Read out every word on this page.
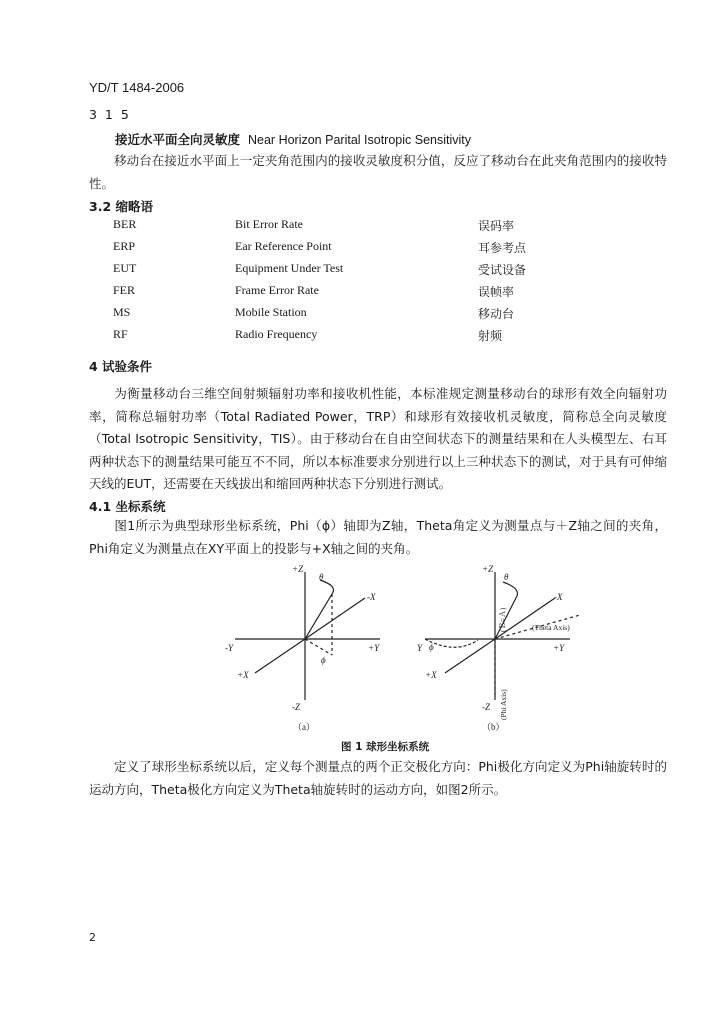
YD/T 1484-2006
3 1 5
接近水平面全向灵敏度 Near Horizon Parital Isotropic Sensitivity
移动台在接近水平面上一定夹角范围内的接收灵敏度积分值，反应了移动台在此夹角范围内的接收特性。
3.2 缩略语
BER	Bit Error Rate	误码率
ERP	Ear Reference Point	耳参考点
EUT	Equipment Under Test	受试设备
FER	Frame Error Rate	误帧率
MS	Mobile Station	移动台
RF	Radio Frequency	射频
4 试验条件
为衡量移动台三维空间射频辐射功率和接收机性能，本标准规定测量移动台的球形有效全向辐射功率，简称总辐射功率（Total Radiated Power，TRP）和球形有效接收机灵敏度，简称总全向灵敏度（Total Isotropic Sensitivity，TIS）。由于移动台在自由空间状态下的测量结果和在人头模型左、右耳两种状态下的测量结果可能互不不同，所以本标准要求分别进行以上三种状态下的测试，对于具有可伸缩天线的EUT，还需要在天线拔出和缩回两种状态下分别进行测试。
4.1 坐标系统
图1所示为典型球形坐标系统，Phi（ϕ）轴即为Z轴，Theta角定义为测量点与＋Z轴之间的夹角，Phi角定义为测量点在XY平面上的投影与+X轴之间的夹角。
+Z
-X
-Y	+Y
+X
-Z
θ
ϕ
+Z
-X
Y	+Y
+X
-Z
θ
ϕ
(Theta Axis)
(Phi Axis)
(Ｂ=Ａ)
（a）	（b）
图 1 球形坐标系统
定义了球形坐标系统以后，定义每个测量点的两个正交极化方向：Phi极化方向定义为Phi轴旋转时的运动方向，Theta极化方向定义为Theta轴旋转时的运动方向，如图2所示。
2
